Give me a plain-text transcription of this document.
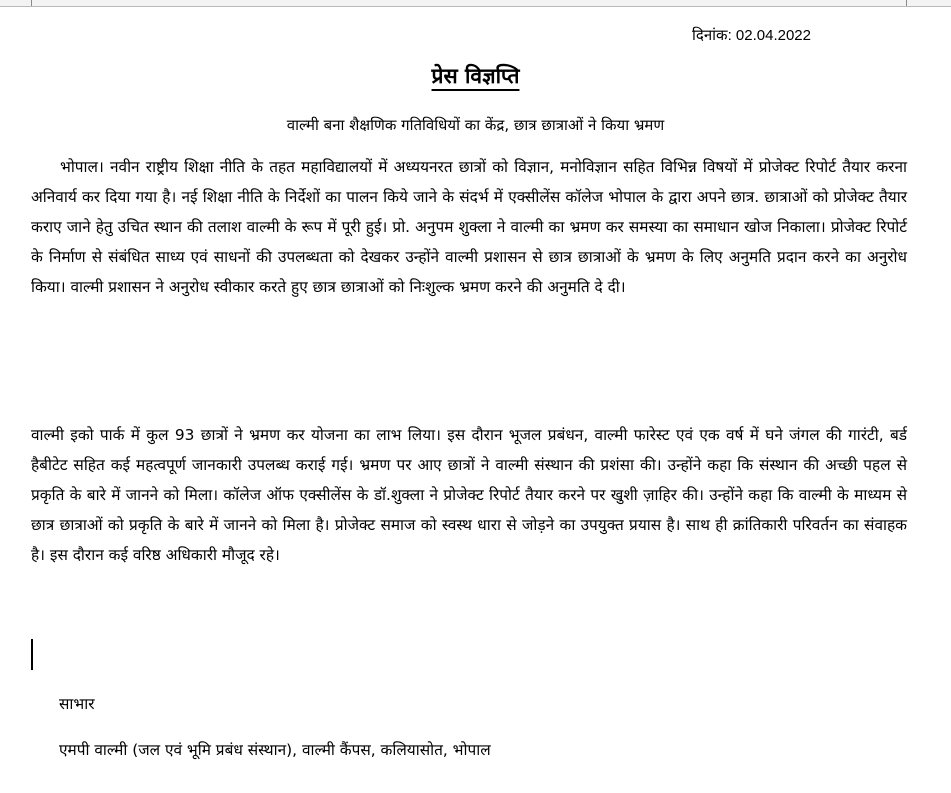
दिनांक: 02.04.2022
प्रेस विज्ञप्ति
वाल्मी बना शैक्षणिक गतिविधियों का केंद्र, छात्र छात्राओं ने किया भ्रमण

भोपाल। नवीन राष्ट्रीय शिक्षा नीति के तहत महाविद्यालयों में अध्ययनरत छात्रों को विज्ञान, मनोविज्ञान सहित विभिन्न विषयों में प्रोजेक्ट रिपोर्ट तैयार करना अनिवार्य कर दिया गया है। नई शिक्षा नीति के निर्देशों का पालन किये जाने के संदर्भ में एक्सीलेंस कॉलेज भोपाल के द्वारा अपने छात्र. छात्राओं को प्रोजेक्ट तैयार कराए जाने हेतु उचित स्थान की तलाश वाल्मी के रूप में पूरी हुई। प्रो. अनुपम शुक्ला ने वाल्मी का भ्रमण कर समस्या का समाधान खोज निकाला। प्रोजेक्ट रिपोर्ट के निर्माण से संबंधित साध्य एवं साधनों की उपलब्धता को देखकर उन्होंने वाल्मी प्रशासन से छात्र छात्राओं के भ्रमण के लिए अनुमति प्रदान करने का अनुरोध किया। वाल्मी प्रशासन ने अनुरोध स्वीकार करते हुए छात्र छात्राओं को निःशुल्क भ्रमण करने की अनुमति दे दी।

वाल्मी इको पार्क में कुल 93 छात्रों ने भ्रमण कर योजना का लाभ लिया। इस दौरान भूजल प्रबंधन, वाल्मी फारेस्ट एवं एक वर्ष में घने जंगल की गारंटी, बर्ड हैबीटेट सहित कई महत्वपूर्ण जानकारी उपलब्ध कराई गई। भ्रमण पर आए छात्रों ने वाल्मी संस्थान की प्रशंसा की। उन्होंने कहा कि संस्थान की अच्छी पहल से प्रकृति के बारे में जानने को मिला। कॉलेज ऑफ एक्सीलेंस के डॉ.शुक्ला ने प्रोजेक्ट रिपोर्ट तैयार करने पर खुशी ज़ाहिर की। उन्होंने कहा कि वाल्मी के माध्यम से छात्र छात्राओं को प्रकृति के बारे में जानने को मिला है। प्रोजेक्ट समाज को स्वस्थ धारा से जोड़ने का उपयुक्त प्रयास है। साथ ही क्रांतिकारी परिवर्तन का संवाहक है। इस दौरान कई वरिष्ठ अधिकारी मौजूद रहे।

साभार
एमपी वाल्मी (जल एवं भूमि प्रबंध संस्थान), वाल्मी कैंपस, कलियासोत, भोपाल
